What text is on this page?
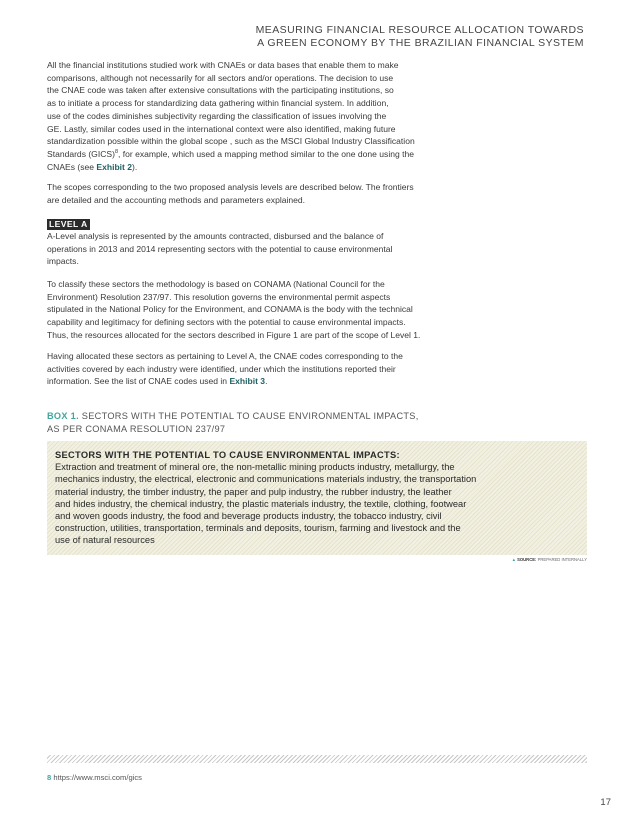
MEASURING FINANCIAL RESOURCE ALLOCATION TOWARDS
A GREEN ECONOMY BY THE BRAZILIAN FINANCIAL SYSTEM
All the financial institutions studied work with CNAEs or data bases that enable them to make
comparisons, although not necessarily for all sectors and/or operations. The decision to use
the CNAE code was taken after extensive consultations with the participating institutions, so
as to initiate a process for standardizing data gathering within financial system. In addition,
use of the codes diminishes subjectivity regarding the classification of issues involving the
GE. Lastly, similar codes used in the international context were also identified, making future
standardization possible within the global scope , such as the MSCI Global Industry Classification
Standards (GICS)$^8$, for example, which used a mapping method similar to the one done using the
CNAEs (see Exhibit 2).
The scopes corresponding to the two proposed analysis levels are described below. The frontiers
are detailed and the accounting methods and parameters explained.
LEVEL A
A-Level analysis is represented by the amounts contracted, disbursed and the balance of
operations in 2013 and 2014 representing sectors with the potential to cause environmental
impacts.
To classify these sectors the methodology is based on CONAMA (National Council for the
Environment) Resolution 237/97. This resolution governs the environmental permit aspects
stipulated in the National Policy for the Environment, and CONAMA is the body with the technical
capability and legitimacy for defining sectors with the potential to cause environmental impacts.
Thus, the resources allocated for the sectors described in Figure 1 are part of the scope of Level 1.
Having allocated these sectors as pertaining to Level A, the CNAE codes corresponding to the
activities covered by each industry were identified, under which the institutions reported their
information. See the list of CNAE codes used in Exhibit 3.
BOX 1. SECTORS WITH THE POTENTIAL TO CAUSE ENVIRONMENTAL IMPACTS,
AS PER CONAMA RESOLUTION 237/97
SECTORS WITH THE POTENTIAL TO CAUSE ENVIRONMENTAL IMPACTS:
Extraction and treatment of mineral ore, the non-metallic mining products industry, metallurgy, the
mechanics industry, the electrical, electronic and communications materials industry, the transportation
material industry, the timber industry, the paper and pulp industry, the rubber industry, the leather
and hides industry, the chemical industry, the plastic materials industry, the textile, clothing, footwear
and woven goods industry, the food and beverage products industry, the tobacco industry, civil
construction, utilities, transportation, terminals and deposits, tourism, farming and livestock and the
use of natural resources
▲ SOURCE: PREPARED INTERNALLY
8 https://www.msci.com/gics
17
